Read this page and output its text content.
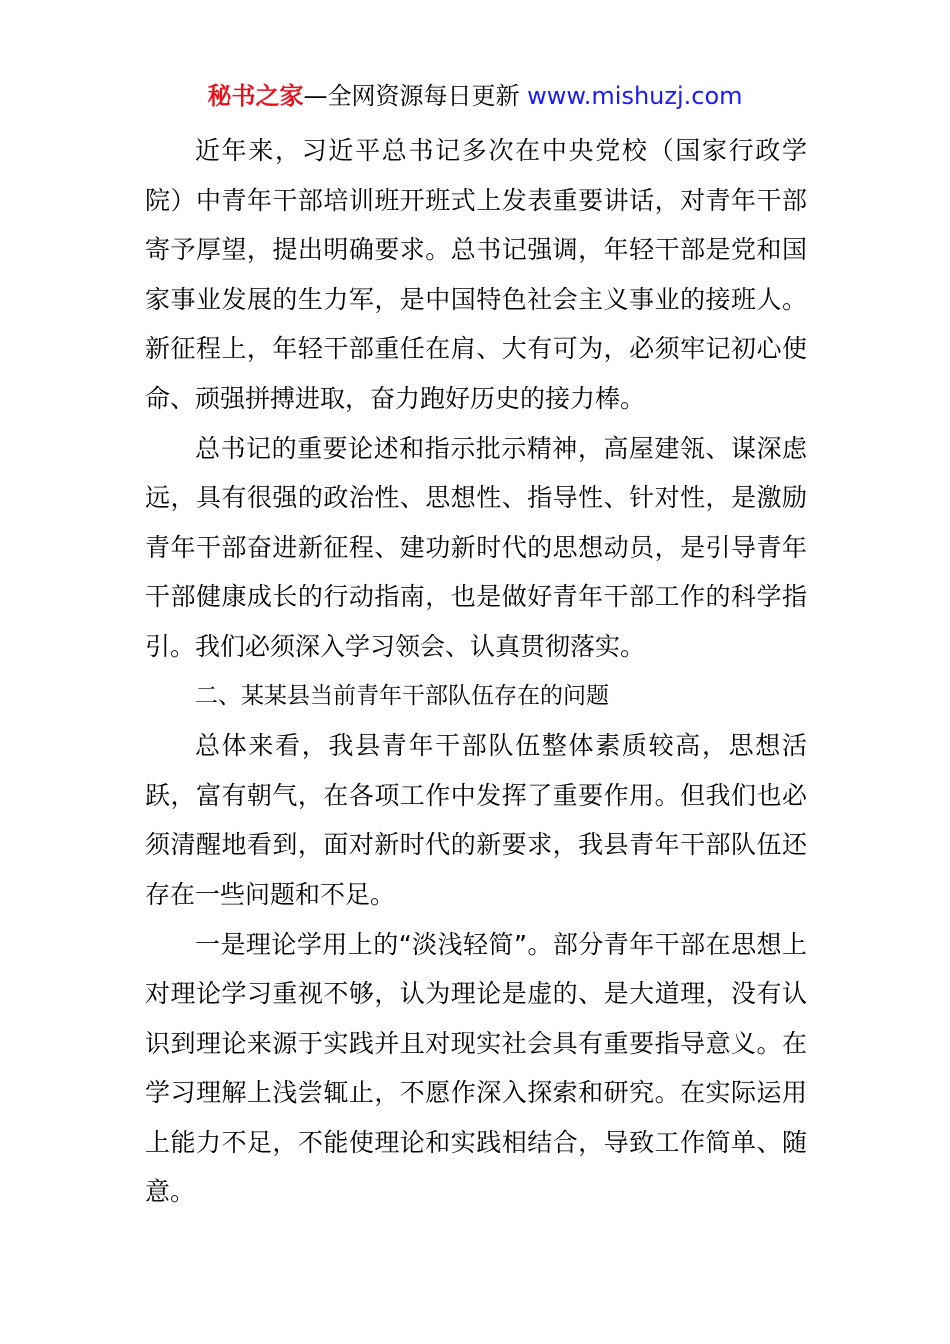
秘书之家—全网资源每日更新 www.mishuzj.com

近年来，习近平总书记多次在中央党校（国家行政学院）中青年干部培训班开班式上发表重要讲话，对青年干部寄予厚望，提出明确要求。总书记强调，年轻干部是党和国家事业发展的生力军，是中国特色社会主义事业的接班人。新征程上，年轻干部重任在肩、大有可为，必须牢记初心使命、顽强拼搏进取，奋力跑好历史的接力棒。

总书记的重要论述和指示批示精神，高屋建瓴、谋深虑远，具有很强的政治性、思想性、指导性、针对性，是激励青年干部奋进新征程、建功新时代的思想动员，是引导青年干部健康成长的行动指南，也是做好青年干部工作的科学指引。我们必须深入学习领会、认真贯彻落实。

二、某某县当前青年干部队伍存在的问题

总体来看，我县青年干部队伍整体素质较高，思想活跃，富有朝气，在各项工作中发挥了重要作用。但我们也必须清醒地看到，面对新时代的新要求，我县青年干部队伍还存在一些问题和不足。

一是理论学用上的“淡浅轻简”。部分青年干部在思想上对理论学习重视不够，认为理论是虚的、是大道理，没有认识到理论来源于实践并且对现实社会具有重要指导意义。在学习理解上浅尝辄止，不愿作深入探索和研究。在实际运用上能力不足，不能使理论和实践相结合，导致工作简单、随意。
